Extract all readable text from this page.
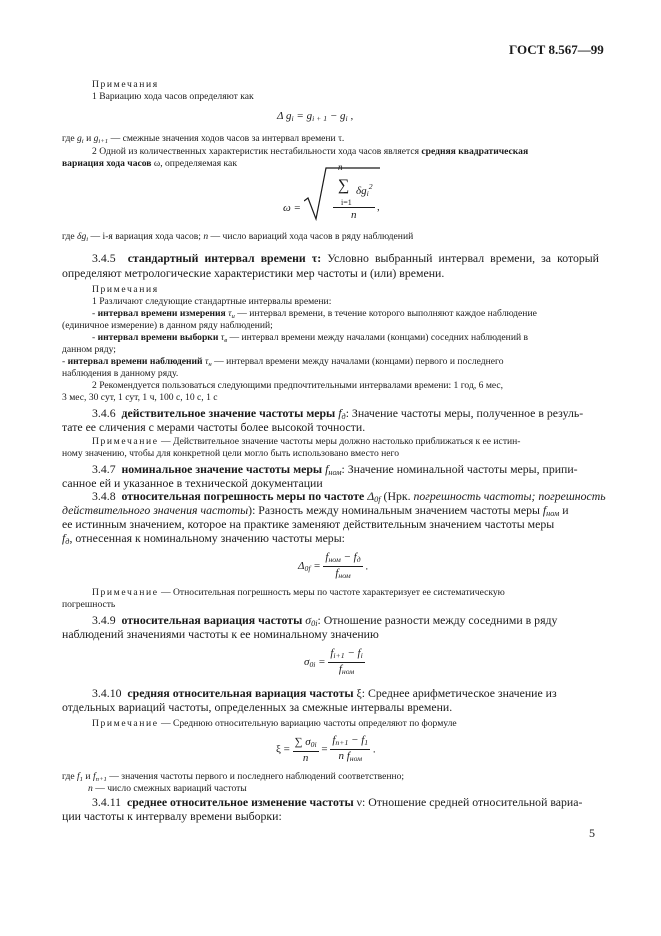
ГОСТ 8.567—99
Примечания
1 Вариацию хода часов определяют как
Δ $g_i = g_{i + 1} - g_i$ ,
где $g_i$ и $g_{i+1}$ — смежные значения ходов часов за интервал времени τ.
2 Одной из количественных характеристик нестабильности хода часов является средняя квадратическая
вариация хода часов ω, определяемая как
ω =
n
∑ $\delta g_i^2$
i=1
n
,
где $\delta g_i$ — i-я вариация хода часов; n — число вариаций хода часов в ряду наблюдений
3.4.5 стандартный интервал времени τ: Условно выбранный интервал времени, за который
определяют метрологические характеристики мер частоты и (или) времени.
Примечания
1 Различают следующие стандартные интервалы времени:
- интервал времени измерения $\tau_и$ — интервал времени, в течение которого выполняют каждое наблюдение
(единичное измерение) в данном ряду наблюдений;
- интервал времени выборки $\tau_в$ — интервал времени между началами (концами) соседних наблюдений в
данном ряду;
- интервал времени наблюдений $\tau_н$ — интервал времени между началами (концами) первого и последнего
наблюдения в данному ряду.
2 Рекомендуется пользоваться следующими предпочтительными интервалами времени: 1 год, 6 мес,
3 мес, 30 сут, 1 сут, 1 ч, 100 с, 10 с, 1 с
3.4.6 действительное значение частоты меры $f_д$: Значение частоты меры, полученное в резуль-
тате ее сличения с мерами частоты более высокой точности.
Примечание — Действительное значение частоты меры должно настолько приближаться к ее истин-
ному значению, чтобы для конкретной цели могло быть использовано вместо него
3.4.7 номинальное значение частоты меры $f_{ном}$: Значение номинальной частоты меры, припи-
санное ей и указанное в технической документации
3.4.8 относительная погрешность меры по частоте $\Delta_{0f}$ (Нрк. погрешность частоты; погрешность
действительного значения частоты): Разность между номинальным значением частоты меры $f_{ном}$ и
ее истинным значением, которое на практике заменяют действительным значением частоты меры
$f_д$, отнесенная к номинальному значению частоты меры:
$\Delta_{0f} = \frac{f_{ном} - f_д}{f_{ном}}$ .
Примечание — Относительная погрешность меры по частоте характеризует ее систематическую
погрешность
3.4.9 относительная вариация частоты $\sigma_{0i}$: Отношение разности между соседними в ряду
наблюдений значениями частоты к ее номинальному значению
$\sigma_{0i} = \frac{f_{i+1} - f_i}{f_{ном}}$
3.4.10 средняя относительная вариация частоты ξ: Среднее арифметическое значение из
отдельных вариаций частоты, определенных за смежные интервалы времени.
Примечание — Среднюю относительную вариацию частоты определяют по формуле
$\xi = \frac{\sum \sigma_{0i}}{n} = \frac{f_{n+1} - f_1}{n f_{ном}}$ .
где $f_1$ и $f_{n+1}$ — значения частоты первого и последнего наблюдений соответственно;
n — число смежных вариаций частоты
3.4.11 среднее относительное изменение частоты ν: Отношение средней относительной вариа-
ции частоты к интервалу времени выборки:
5
